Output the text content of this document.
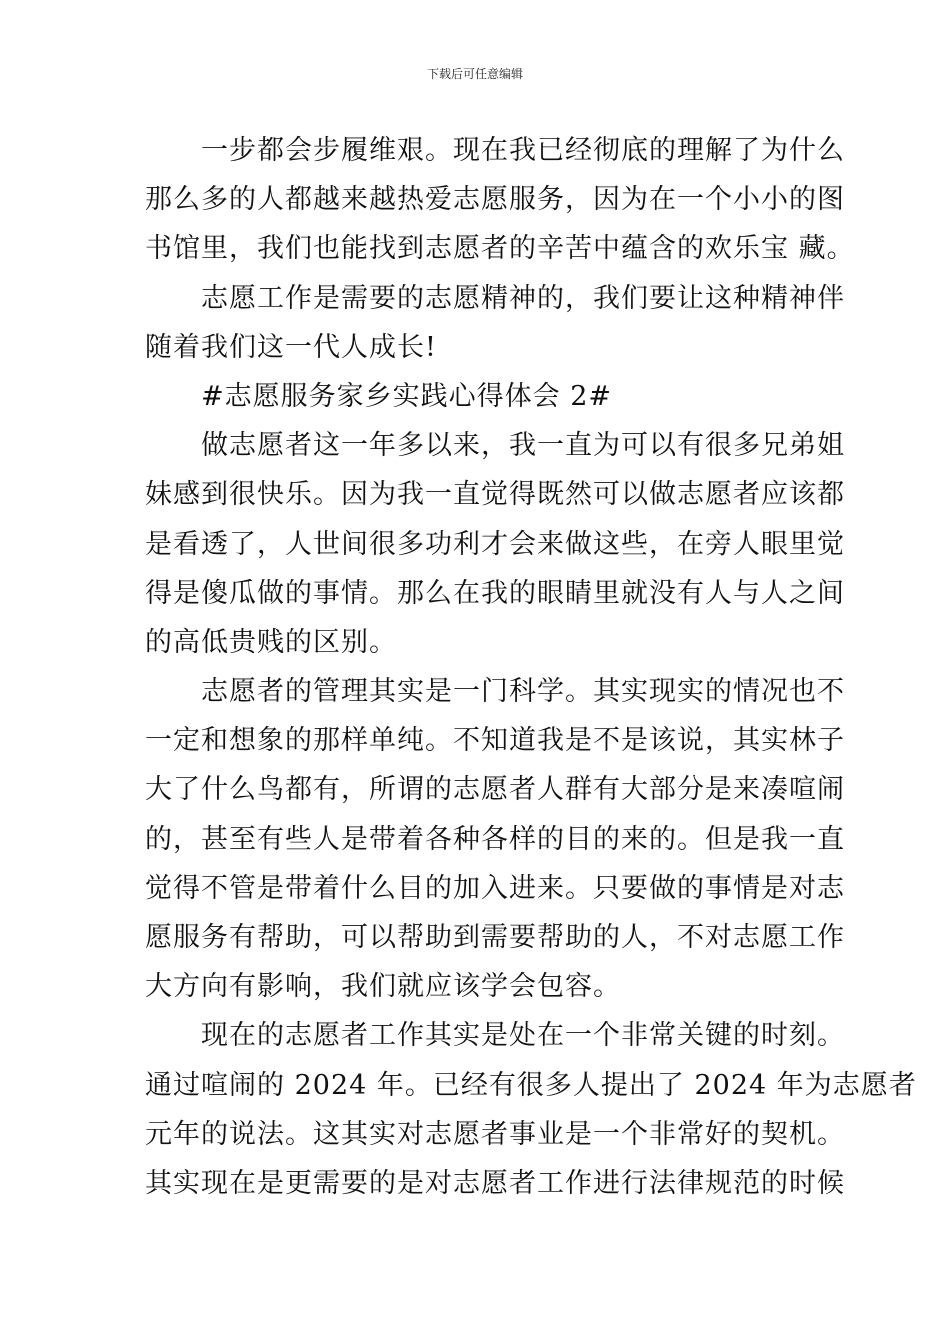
下载后可任意编辑
　　一步都会步履维艰。现在我已经彻底的理解了为什么
那么多的人都越来越热爱志愿服务，因为在一个小小的图
书馆里，我们也能找到志愿者的辛苦中蕴含的欢乐宝 藏。
　　志愿工作是需要的志愿精神的，我们要让这种精神伴
随着我们这一代人成长!
　　#志愿服务家乡实践心得体会 2#
　　做志愿者这一年多以来，我一直为可以有很多兄弟姐
妹感到很快乐。因为我一直觉得既然可以做志愿者应该都
是看透了，人世间很多功利才会来做这些，在旁人眼里觉
得是傻瓜做的事情。那么在我的眼睛里就没有人与人之间
的高低贵贱的区别。
　　志愿者的管理其实是一门科学。其实现实的情况也不
一定和想象的那样单纯。不知道我是不是该说，其实林子
大了什么鸟都有，所谓的志愿者人群有大部分是来凑喧闹
的，甚至有些人是带着各种各样的目的来的。但是我一直
觉得不管是带着什么目的加入进来。只要做的事情是对志
愿服务有帮助，可以帮助到需要帮助的人，不对志愿工作
大方向有影响，我们就应该学会包容。
　　现在的志愿者工作其实是处在一个非常关键的时刻。
通过喧闹的 2024 年。已经有很多人提出了 2024 年为志愿者
元年的说法。这其实对志愿者事业是一个非常好的契机。
其实现在是更需要的是对志愿者工作进行法律规范的时候
